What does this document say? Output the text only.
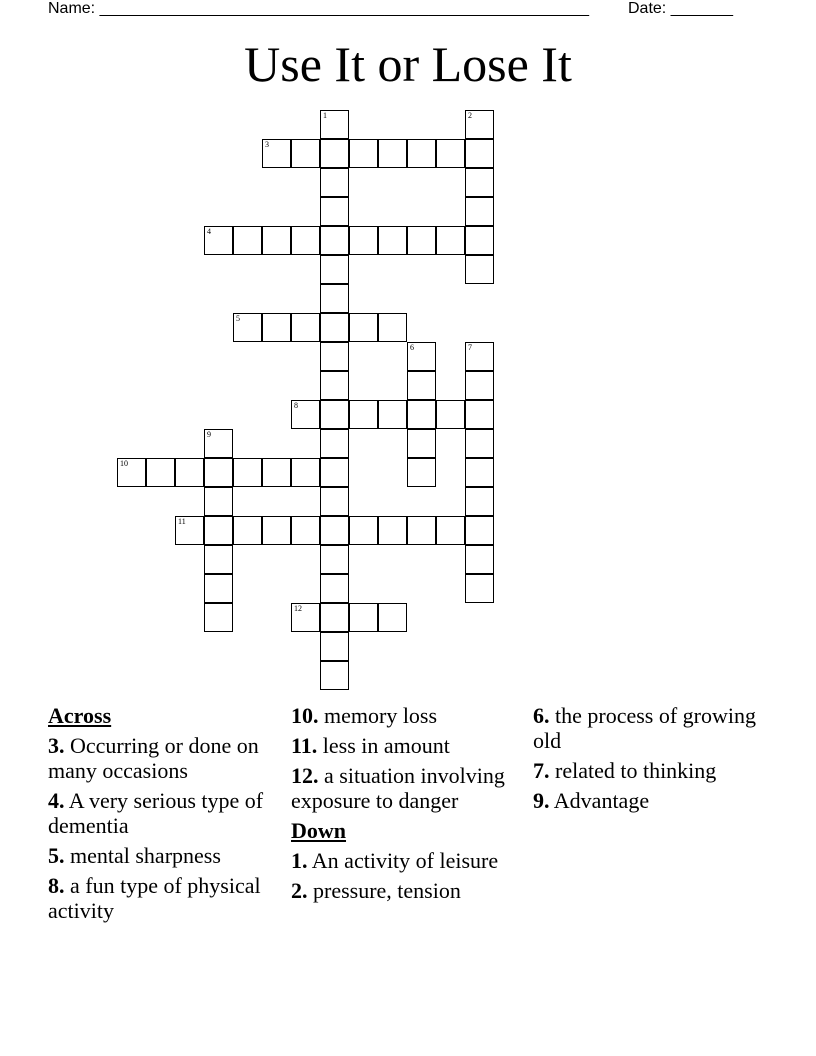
Name: _______________________________________________________ Date: _______
Use It or Lose It
1	2
3
4
5
6	7
8
9
10
11
12
Across
3. Occurring or done on many occasions
4. A very serious type of dementia
5. mental sharpness
8. a fun type of physical activity
10. memory loss
11. less in amount
12. a situation involving exposure to danger
Down
1. An activity of leisure
2. pressure, tension
6. the process of growing old
7. related to thinking
9. Advantage
